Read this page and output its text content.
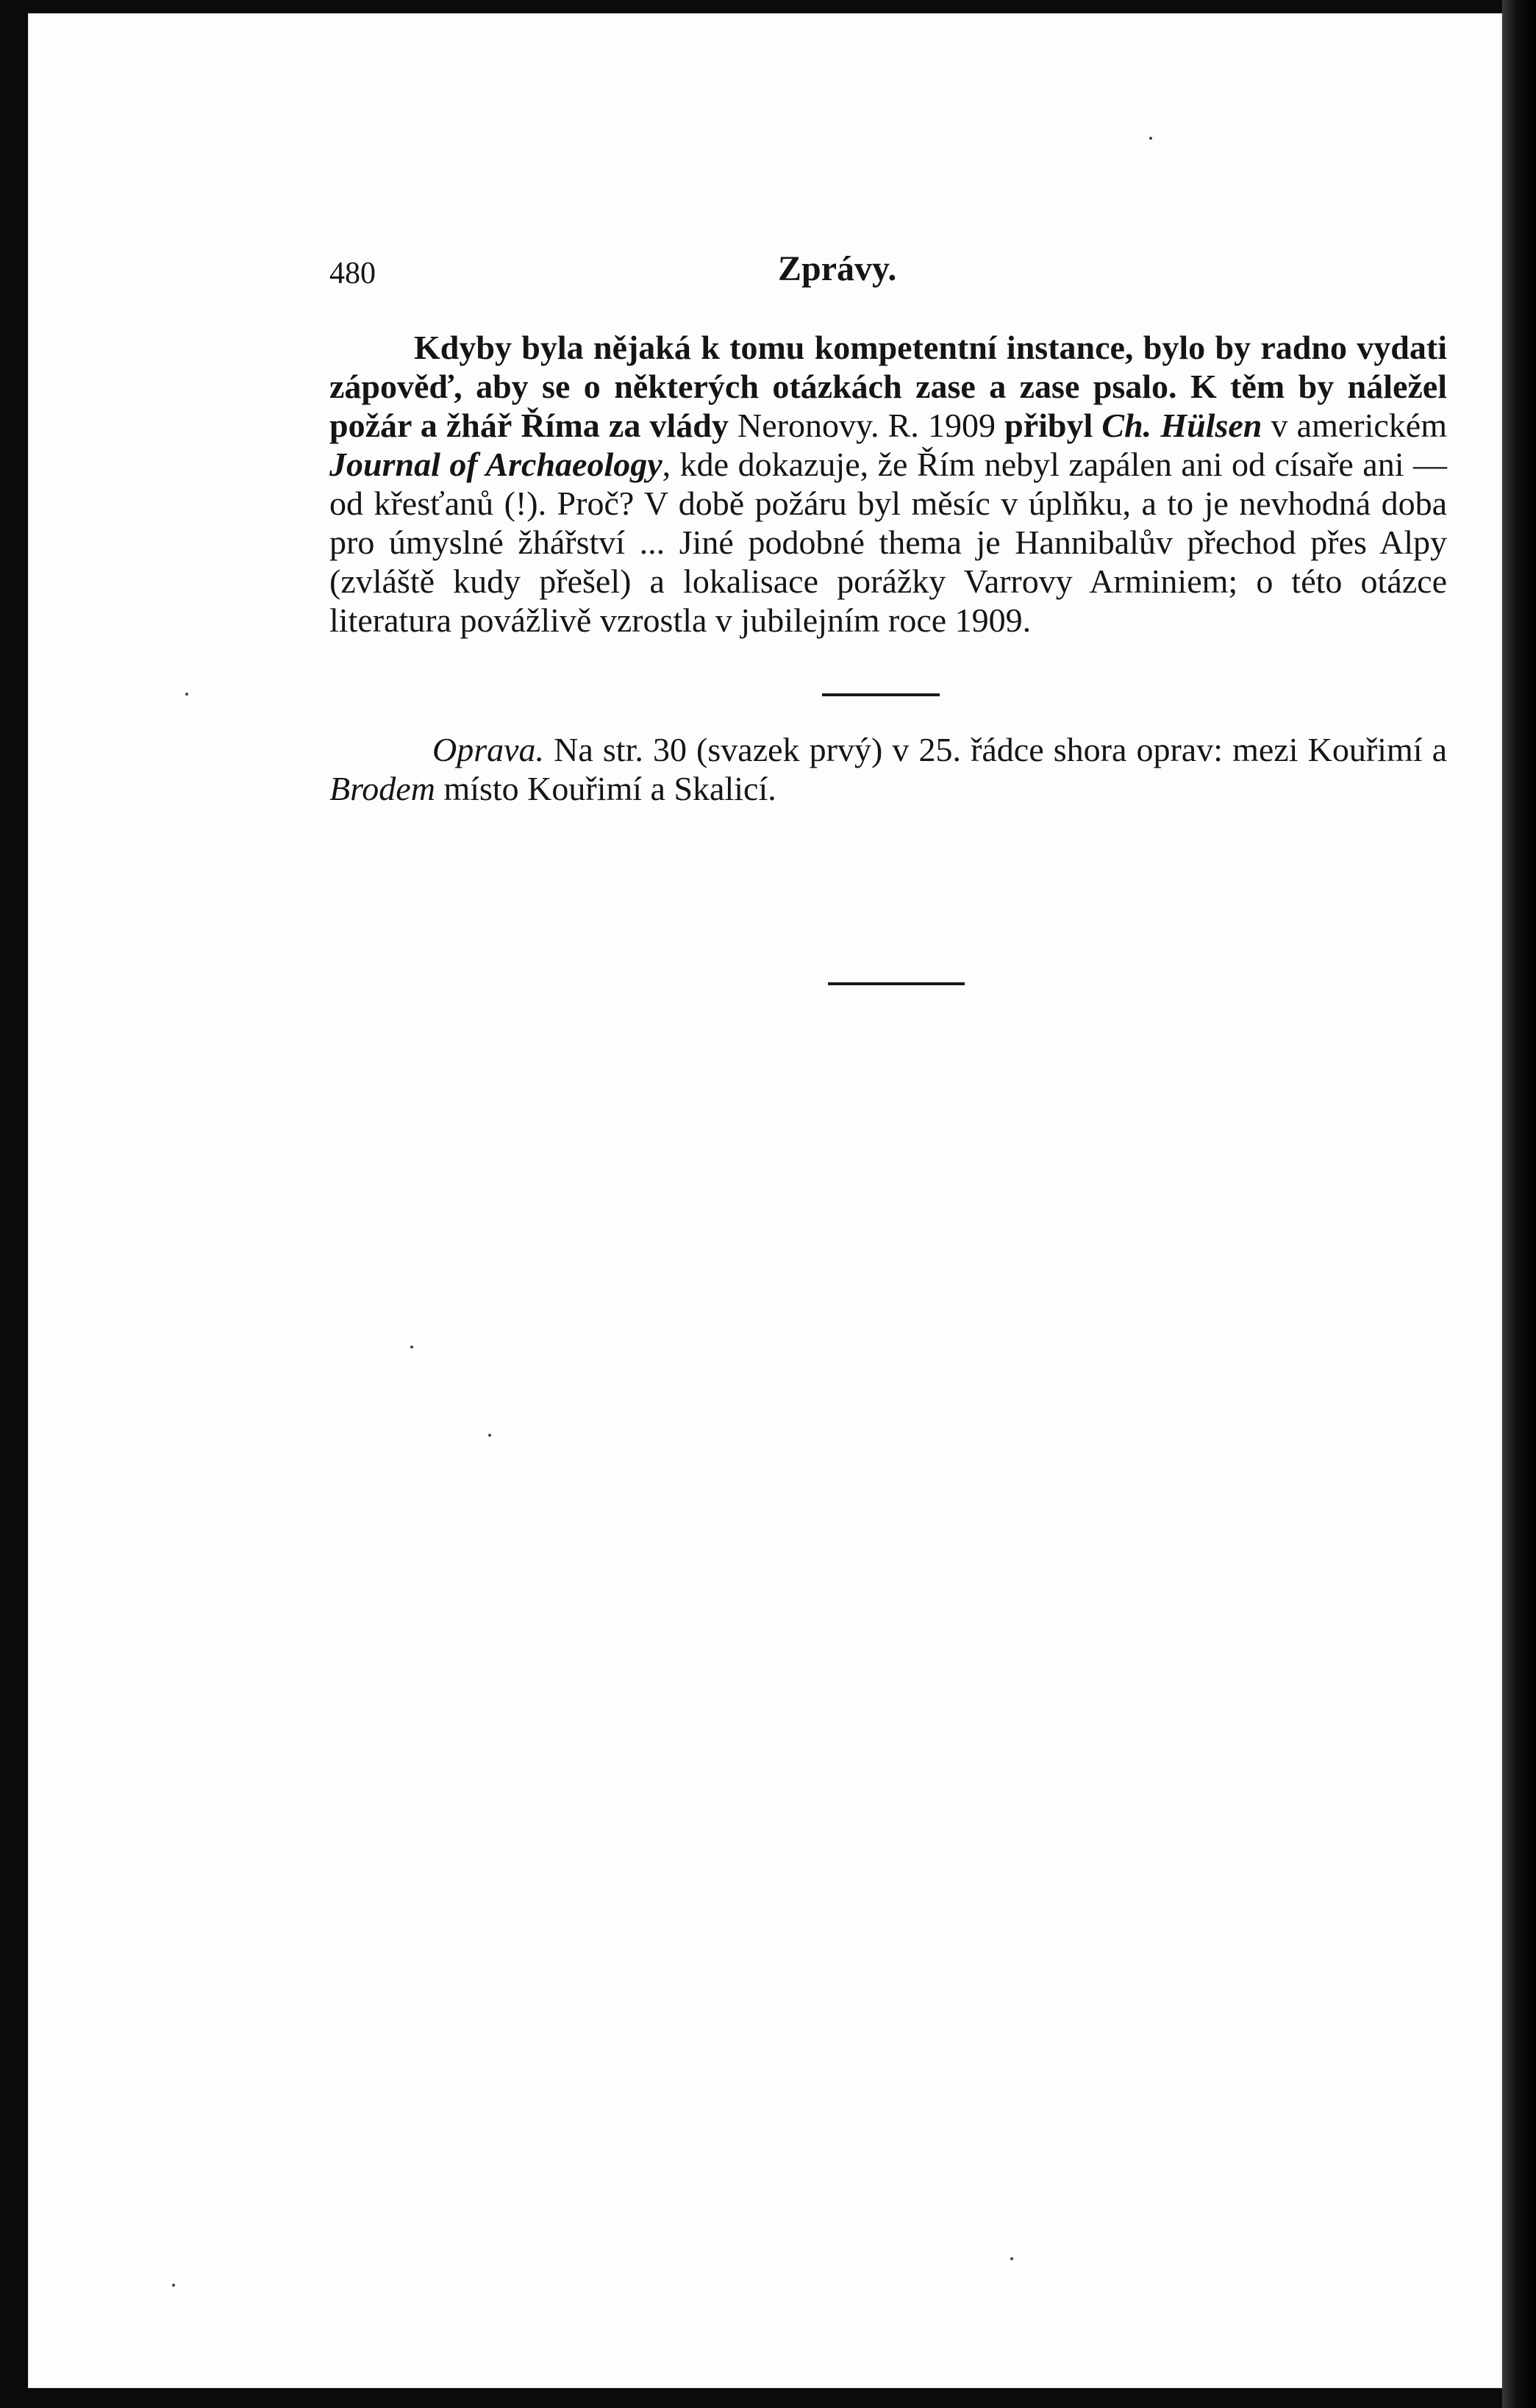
480	Zprávy.

Kdyby byla nějaká k tomu kompetentní instance, bylo by radno vydati zápověď, aby se o některých otázkách zase a zase psalo. K těm by náležel požár a žhář Říma za vlády Neronovy. R. 1909 přibyl Ch. Hülsen v americkém Journal of Archaeology, kde dokazuje, že Řím nebyl zapálen ani od císaře ani — od křesťanů (!). Proč? V době požáru byl měsíc v úplňku, a to je nevhodná doba pro úmyslné žhářství ... Jiné podobné thema je Hannibalův přechod přes Alpy (zvláště kudy přešel) a lokalisace porážky Varrovy Arminiem; o této otázce literatura povážlivě vzrostla v jubilejním roce 1909.

Oprava. Na str. 30 (svazek prvý) v 25. řádce shora oprav: mezi Kouřimí a Brodem místo Kouřimí a Skalicí.
